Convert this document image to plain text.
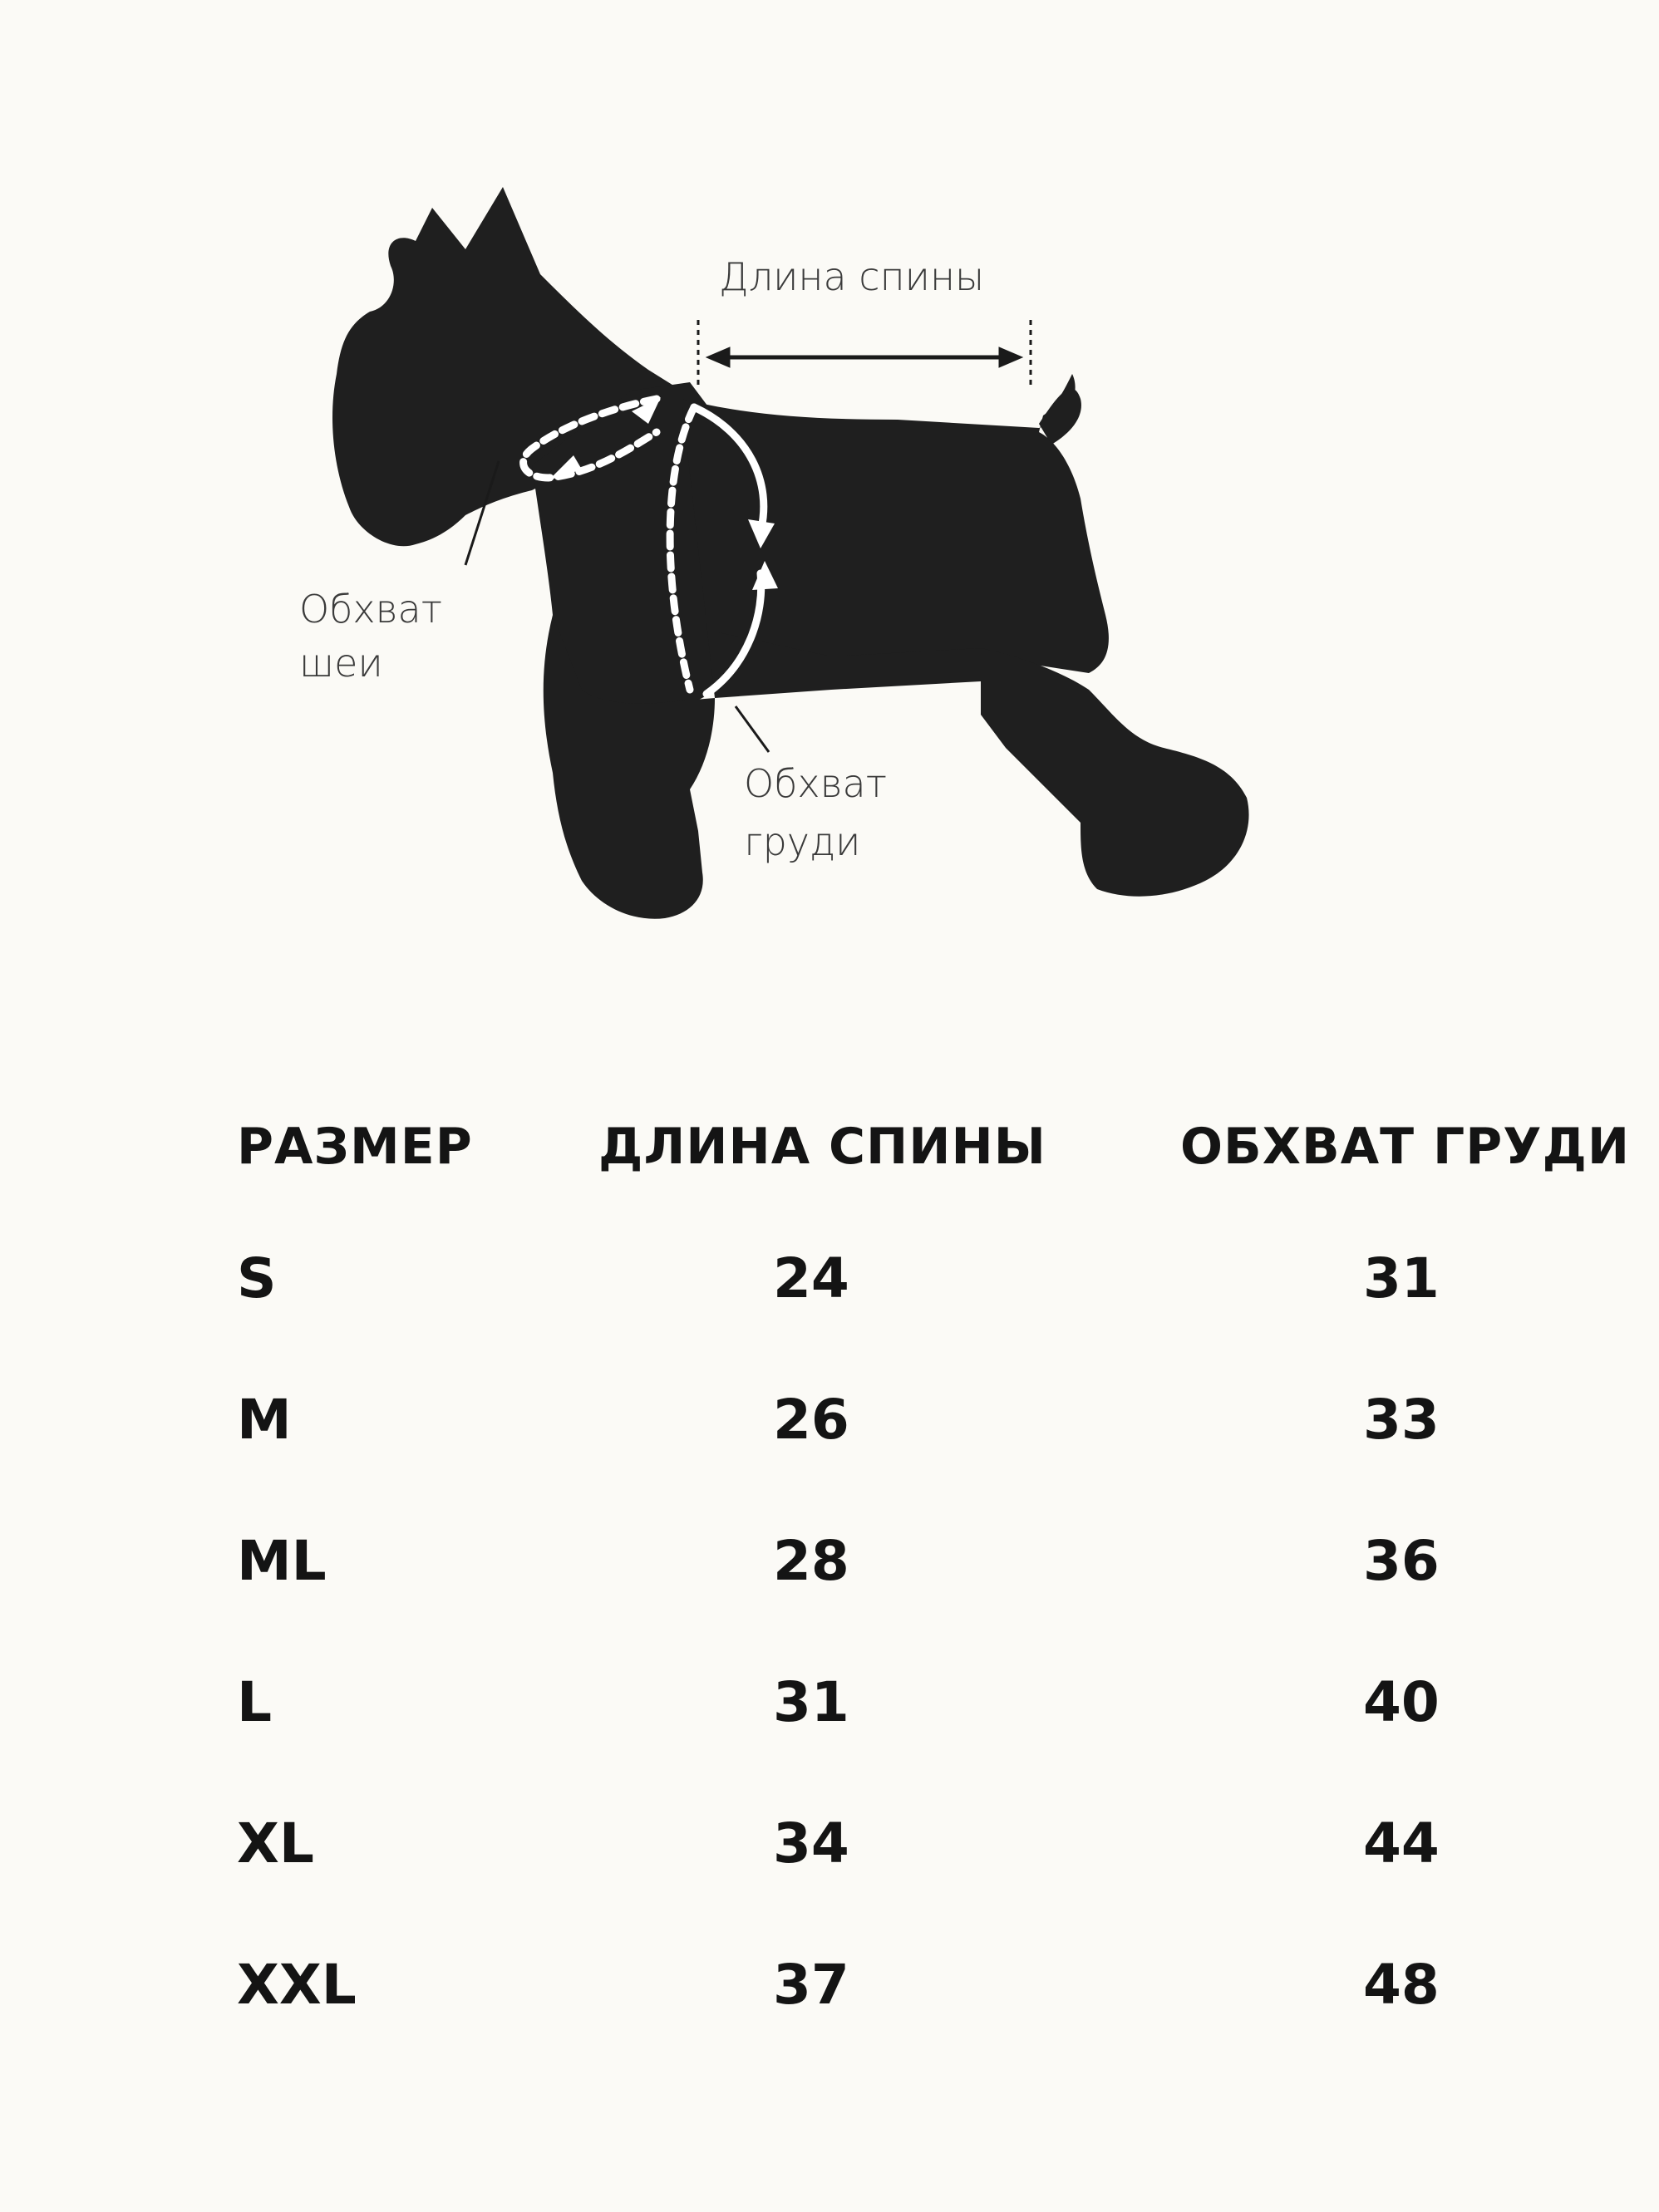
Длина спины
Обхват
шеи
Обхват
груди
РАЗМЕР	ДЛИНА СПИНЫ	ОБХВАТ ГРУДИ
S	24	31
M	26	33
ML	28	36
L	31	40
XL	34	44
XXL	37	48
